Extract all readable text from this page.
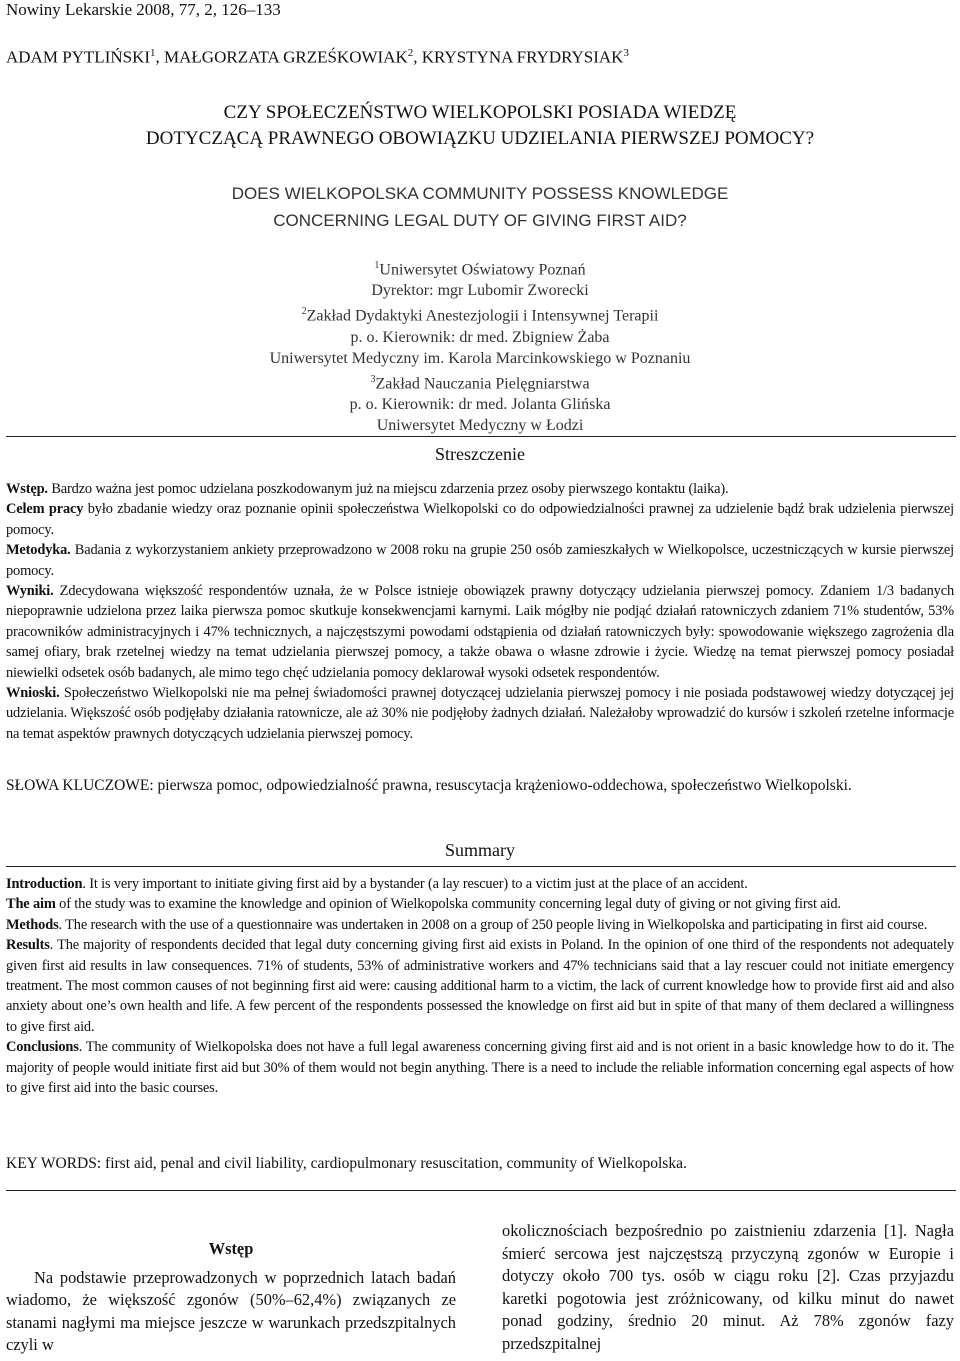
Nowiny Lekarskie 2008, 77, 2, 126–133
ADAM PYTLIŃSKI$^1$, MAŁGORZATA GRZEŚKOWIAK$^2$, KRYSTYNA FRYDRYSIAK$^3$
CZY SPOŁECZEŃSTWO WIELKOPOLSKI POSIADA WIEDZĘ
DOTYCZĄCĄ PRAWNEGO OBOWIĄZKU UDZIELANIA PIERWSZEJ POMOCY?
DOES WIELKOPOLSKA COMMUNITY POSSESS KNOWLEDGE
CONCERNING LEGAL DUTY OF GIVING FIRST AID?
$^1$Uniwersytet Oświatowy Poznań
Dyrektor: mgr Lubomir Zworecki
$^2$Zakład Dydaktyki Anestezjologii i Intensywnej Terapii
p. o. Kierownik: dr med. Zbigniew Żaba
Uniwersytet Medyczny im. Karola Marcinkowskiego w Poznaniu
$^3$Zakład Nauczania Pielęgniarstwa
p. o. Kierownik: dr med. Jolanta Glińska
Uniwersytet Medyczny w Łodzi
Streszczenie
Wstęp. Bardzo ważna jest pomoc udzielana poszkodowanym już na miejscu zdarzenia przez osoby pierwszego kontaktu (laika).
Celem pracy było zbadanie wiedzy oraz poznanie opinii społeczeństwa Wielkopolski co do odpowiedzialności prawnej za udzielenie bądź brak udzielenia pierwszej pomocy.
Metodyka. Badania z wykorzystaniem ankiety przeprowadzono w 2008 roku na grupie 250 osób zamieszkałych w Wielkopolsce, uczestniczących w kursie pierwszej pomocy.
Wyniki. Zdecydowana większość respondentów uznała, że w Polsce istnieje obowiązek prawny dotyczący udzielania pierwszej pomocy. Zdaniem 1/3 badanych niepoprawnie udzielona przez laika pierwsza pomoc skutkuje konsekwencjami karnymi. Laik mógłby nie podjąć działań ratowniczych zdaniem 71% studentów, 53% pracowników administracyjnych i 47% technicznych, a najczęstszymi powodami odstąpienia od działań ratowniczych były: spowodowanie większego zagrożenia dla samej ofiary, brak rzetelnej wiedzy na temat udzielania pierwszej pomocy, a także obawa o własne zdrowie i życie. Wiedzę na temat pierwszej pomocy posiadał niewielki odsetek osób badanych, ale mimo tego chęć udzielania pomocy deklarował wysoki odsetek respondentów.
Wnioski. Społeczeństwo Wielkopolski nie ma pełnej świadomości prawnej dotyczącej udzielania pierwszej pomocy i nie posiada podstawowej wiedzy dotyczącej jej udzielania. Większość osób podjęłaby działania ratownicze, ale aż 30% nie podjęłoby żadnych działań. Należałoby wprowadzić do kursów i szkoleń rzetelne informacje na temat aspektów prawnych dotyczących udzielania pierwszej pomocy.
SŁOWA KLUCZOWE: pierwsza pomoc, odpowiedzialność prawna, resuscytacja krążeniowo-oddechowa, społeczeństwo Wielkopolski.
Summary
Introduction. It is very important to initiate giving first aid by a bystander (a lay rescuer) to a victim just at the place of an accident.
The aim of the study was to examine the knowledge and opinion of Wielkopolska community concerning legal duty of giving or not giving first aid.
Methods. The research with the use of a questionnaire was undertaken in 2008 on a group of 250 people living in Wielkopolska and participating in first aid course.
Results. The majority of respondents decided that legal duty concerning giving first aid exists in Poland. In the opinion of one third of the respondents not adequately given first aid results in law consequences. 71% of students, 53% of administrative workers and 47% technicians said that a lay rescuer could not initiate emergency treatment. The most common causes of not beginning first aid were: causing additional harm to a victim, the lack of current knowledge how to provide first aid and also anxiety about one’s own health and life. A few percent of the respondents possessed the knowledge on first aid but in spite of that many of them declared a willingness to give first aid.
Conclusions. The community of Wielkopolska does not have a full legal awareness concerning giving first aid and is not orient in a basic knowledge how to do it. The majority of people would initiate first aid but 30% of them would not begin anything. There is a need to include the reliable information concerning egal aspects of how to give first aid into the basic courses.
KEY WORDS: first aid, penal and civil liability, cardiopulmonary resuscitation, community of Wielkopolska.
Wstęp
Na podstawie przeprowadzonych w poprzednich latach badań wiadomo, że większość zgonów (50%–62,4%) związanych ze stanami nagłymi ma miejsce jeszcze w warunkach przedszpitalnych czyli w
okolicznościach bezpośrednio po zaistnieniu zdarzenia [1]. Nagła śmierć sercowa jest najczęstszą przyczyną zgonów w Europie i dotyczy około 700 tys. osób w ciągu roku [2]. Czas przyjazdu karetki pogotowia jest zróżnicowany, od kilku minut do nawet ponad godziny, średnio 20 minut. Aż 78% zgonów fazy przedszpitalnej
